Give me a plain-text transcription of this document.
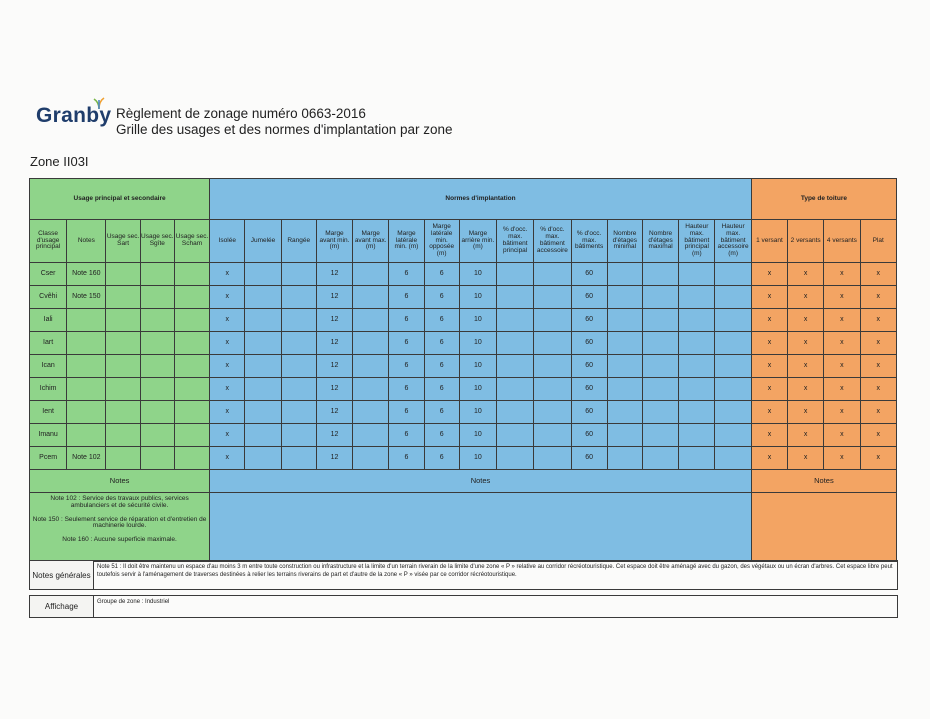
Granby Règlement de zonage numéro 0663-2016
Grille des usages et des normes d'implantation par zone
Zone II03I
Usage principal et secondaire					Normes d'implantation															Type de toiture			
Classe d'usage principal	Notes	Usage sec. Sart	Usage sec. Sgîte	Usage sec. Scham	Isolée	Jumelée	Rangée	Marge avant min. (m)	Marge avant max. (m)	Marge latérale min. (m)	Marge latérale min. opposée (m)	Marge arrière min. (m)	% d'occ. max. bâtiment principal	% d'occ. max. bâtiment accessoire	% d'occ. max. bâtiments	Nombre d'étages minimal	Nombre d'étages maximal	Hauteur max. bâtiment principal (m)	Hauteur max. bâtiment accessoire (m)	1 versant	2 versants	4 versants	Plat
Cser	Note 160				x			12		6	6	10			60					x	x	x	x
Cvêhi	Note 150				x			12		6	6	10			60					x	x	x	x
Iali					x			12		6	6	10			60					x	x	x	x
Iart					x			12		6	6	10			60					x	x	x	x
Ican					x			12		6	6	10			60					x	x	x	x
Ichim					x			12		6	6	10			60					x	x	x	x
Ient					x			12		6	6	10			60					x	x	x	x
Imanu					x			12		6	6	10			60					x	x	x	x
Pcem	Note 102				x			12		6	6	10			60					x	x	x	x
Notes					Notes															Notes			

Note 102 : Service des travaux publics, services ambulanciers et de sécurité civile.

Note 150 : Seulement service de réparation et d'entretien de machinerie lourde.

Note 160 : Aucune superficie maximale.																							

Notes générales	Note 51 : Il doit être maintenu un espace d'au moins 3 m entre toute construction ou infrastructure et la limite d'un terrain riverain de la limite d'une zone « P » relative au corridor récréotouristique. Cet espace doit être aménagé avec du gazon, des végétaux ou un écran d'arbres. Cet espace libre peut toutefois servir à l'aménagement de traverses destinées à relier les terrains riverains de part et d'autre de la zone « P » visée par ce corridor récréotouristique.

Affichage	Groupe de zone : Industriel
